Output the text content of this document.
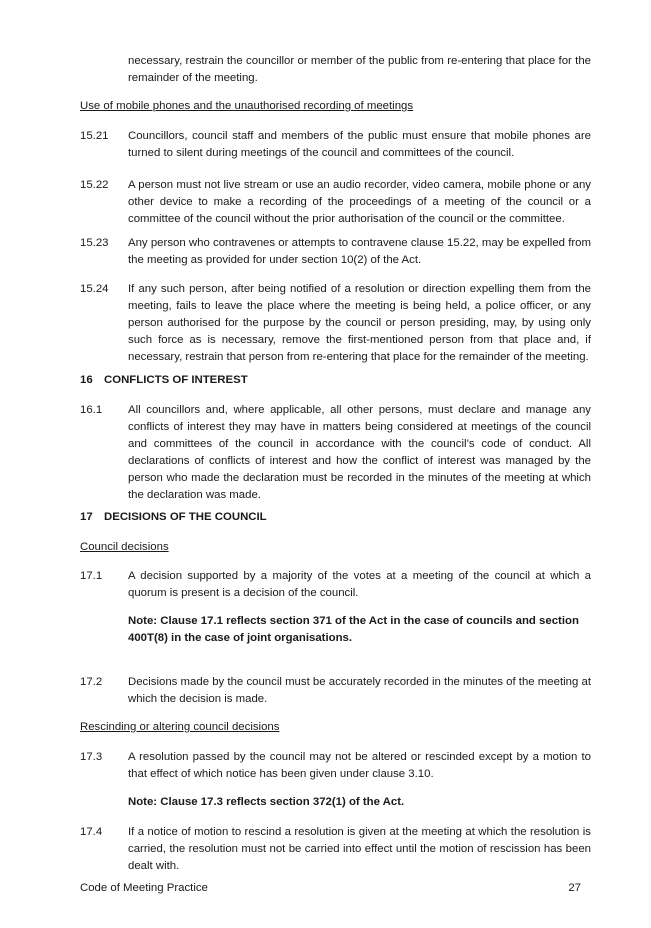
necessary, restrain the councillor or member of the public from re-entering that place for the remainder of the meeting.
Use of mobile phones and the unauthorised recording of meetings
15.21	Councillors, council staff and members of the public must ensure that mobile phones are turned to silent during meetings of the council and committees of the council.
15.22	A person must not live stream or use an audio recorder, video camera, mobile phone or any other device to make a recording of the proceedings of a meeting of the council or a committee of the council without the prior authorisation of the council or the committee.
15.23	Any person who contravenes or attempts to contravene clause 15.22, may be expelled from the meeting as provided for under section 10(2) of the Act.
15.24	If any such person, after being notified of a resolution or direction expelling them from the meeting, fails to leave the place where the meeting is being held, a police officer, or any person authorised for the purpose by the council or person presiding, may, by using only such force as is necessary, remove the first-mentioned person from that place and, if necessary, restrain that person from re-entering that place for the remainder of the meeting.
16 CONFLICTS OF INTEREST
16.1	All councillors and, where applicable, all other persons, must declare and manage any conflicts of interest they may have in matters being considered at meetings of the council and committees of the council in accordance with the council’s code of conduct. All declarations of conflicts of interest and how the conflict of interest was managed by the person who made the declaration must be recorded in the minutes of the meeting at which the declaration was made.
17 DECISIONS OF THE COUNCIL
Council decisions
17.1	A decision supported by a majority of the votes at a meeting of the council at which a quorum is present is a decision of the council.
Note: Clause 17.1 reflects section 371 of the Act in the case of councils and section 400T(8) in the case of joint organisations.
17.2	Decisions made by the council must be accurately recorded in the minutes of the meeting at which the decision is made.
Rescinding or altering council decisions
17.3	A resolution passed by the council may not be altered or rescinded except by a motion to that effect of which notice has been given under clause 3.10.
Note: Clause 17.3 reflects section 372(1) of the Act.
17.4	If a notice of motion to rescind a resolution is given at the meeting at which the resolution is carried, the resolution must not be carried into effect until the motion of rescission has been dealt with.
Code of Meeting Practice	27
